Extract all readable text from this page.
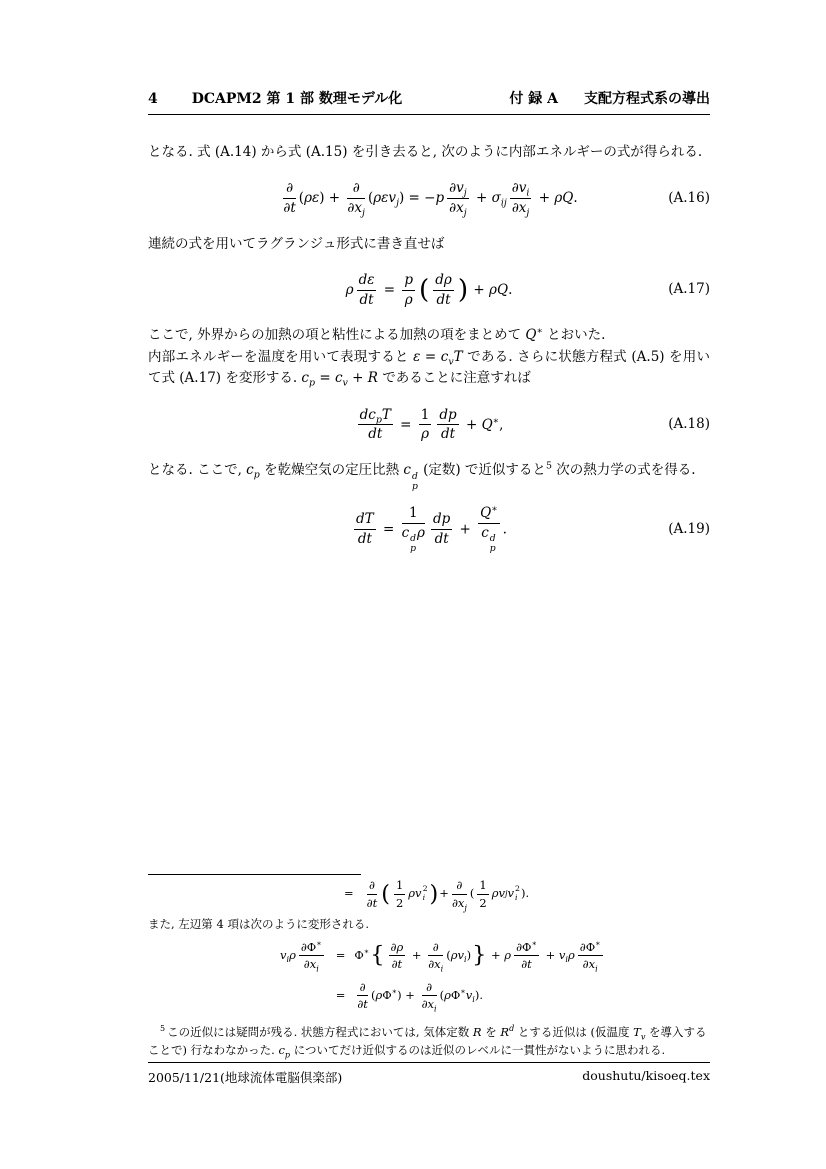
4 DCAPM2 第 1 部 数理モデル化	付 録 A 支配方程式系の導出

となる. 式 (A.14) から式 (A.15) を引き去ると, 次のように内部エネルギーの式が得られる.

$\frac{\partial}{\partial t} (\rho\varepsilon) + \frac{\partial}{\partial x_j} (\rho\varepsilon v_j) = -p \frac{\partial v_j}{\partial x_j} + \sigma_{ij} \frac{\partial v_i}{\partial x_j} + \rho Q$.	(A.16)

連続の式を用いてラグランジュ形式に書き直せば

ρ $\frac{d\varepsilon}{dt} = \frac{p}{\rho}$ ( $\frac{d\rho}{dt}$ ) + ρQ.	(A.17)

ここで, 外界からの加熱の項と粘性による加熱の項をまとめて Q∗ とおいた.

内部エネルギーを温度を用いて表現すると $\varepsilon = c_vT$ である. さらに状態方程式 (A.5) を用いて式 (A.17) を変形する. $c_p = c_v + R$ であることに注意すれば

$\frac{dc_pT}{dt} = \frac{1}{\rho} \frac{dp}{dt} + Q^∗$,	(A.18)

となる. ここで, $c_p$ を乾燥空気の定圧比熱 c d
p
(定数) で近似すると$^5$ 次の熱力学の式を得る.

$\frac{dT}{dt} = 1$
c d
p
ρ $\frac{dp}{dt} + Q^∗$
c d
p .	(A.19)
= $\frac{\partial}{\partial t}$ ( $\frac{1}{2}$ ρv 2
i ) + $\frac{\partial}{\partial x_j}$ ( $\frac{1}{2}$ ρv j v 2
i ).

また, 左辺第 4 項は次のように変形される.

$v_i\rho \frac{\partial\Phi^∗}{\partial x_i} = \Phi^∗\{ \frac{\partial\rho}{\partial t} + \frac{\partial}{\partial x_i} (\rho v_i)\} + \rho \frac{\partial\Phi^∗}{\partial t} + v_i\rho \frac{\partial\Phi^∗}{\partial x_i}$
= $\frac{\partial}{\partial t} (\rho\Phi^∗) + \frac{\partial}{\partial x_i} (\rho\Phi^∗v_i)$.

$^5$ この近似には疑問が残る. 状態方程式においては, 気体定数 R を $R^d$ とする近似は (仮温度 $T_v$ を導入することで) 行なわなかった. $c_p$ についてだけ近似するのは近似のレベルに一貫性がないように思われる.

2005/11/21(地球流体電脳倶楽部)	doushutu/kisoeq.tex
